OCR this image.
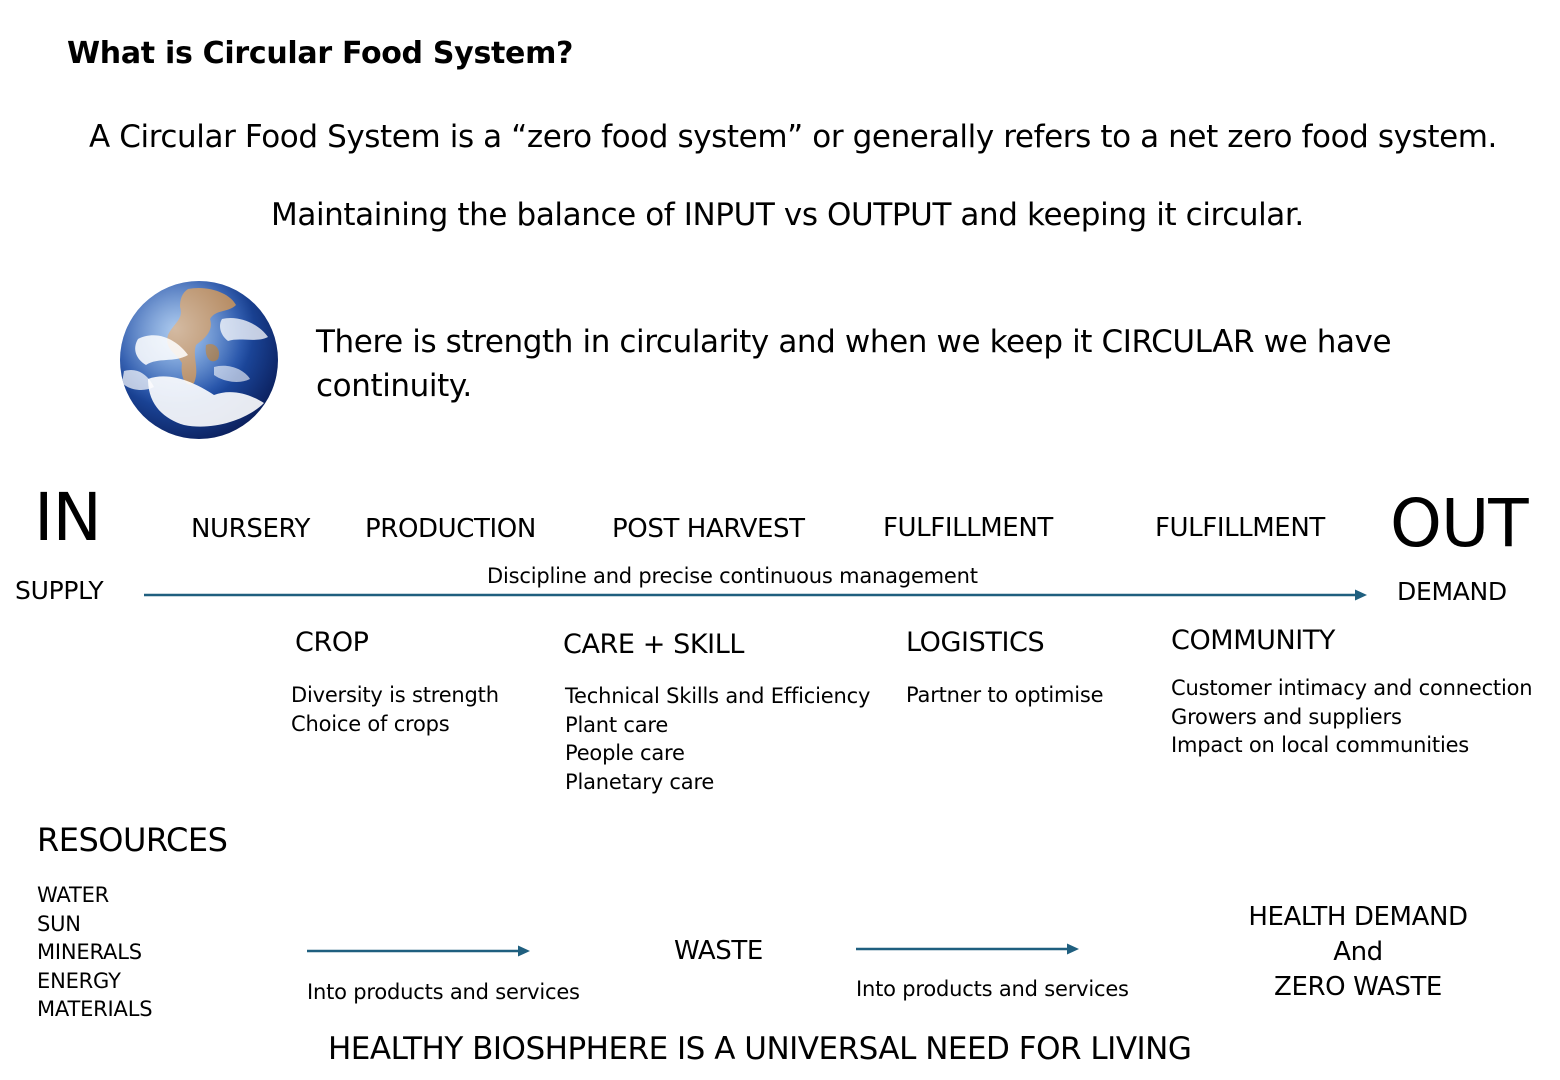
What is Circular Food System?
A Circular Food System is a “zero food system” or generally refers to a net zero food system.
Maintaining the balance of INPUT vs OUTPUT and keeping it circular.
There is strength in circularity and when we keep it CIRCULAR we have
continuity.
IN
SUPPLY
OUT
DEMAND
NURSERY PRODUCTION	POST HARVEST	FULFILLMENT	FULFILLMENT
Discipline and precise continuous management
CROP
Diversity is strength
Choice of crops
CARE + SKILL
Technical Skills and Efficiency
Plant care
People care
Planetary care
LOGISTICS
Partner to optimise
COMMUNITY
Customer intimacy and connection
Growers and suppliers
Impact on local communities
RESOURCES
WATER
SUN
MINERALS
ENERGY
MATERIALS
Into products and services
WASTE
Into products and services
HEALTH DEMAND
And
ZERO WASTE
HEALTHY BIOSHPHERE IS A UNIVERSAL NEED FOR LIVING
